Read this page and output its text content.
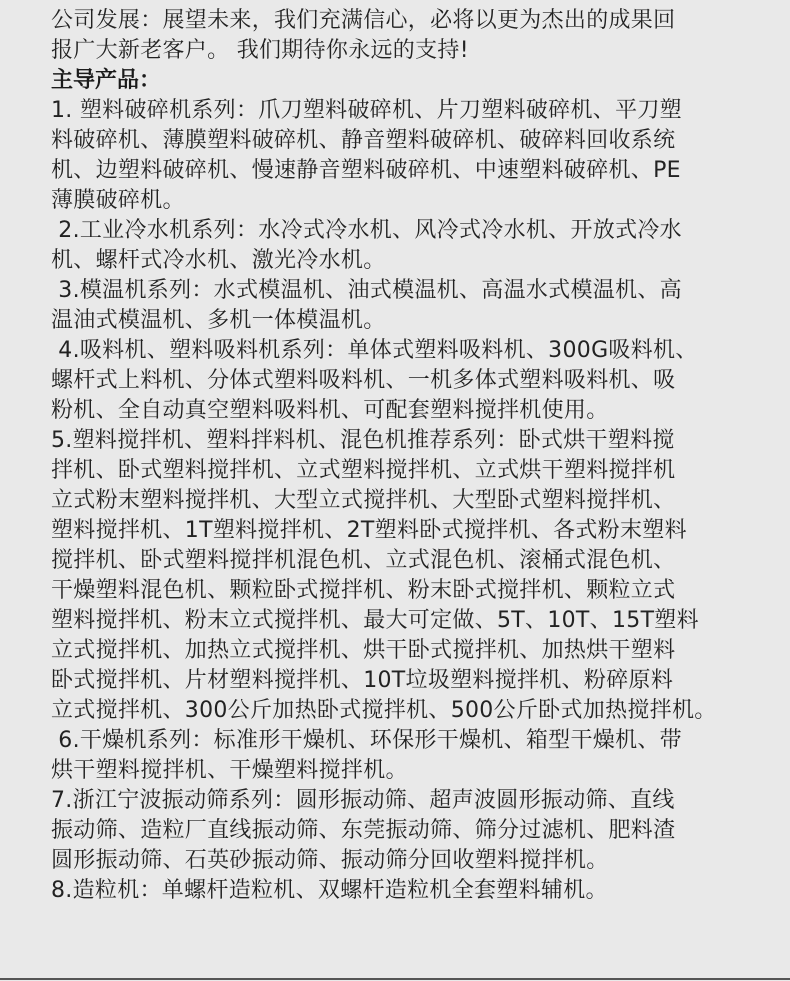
公司发展：展望未来，我们充满信心，必将以更为杰出的成果回

报广大新老客户。 我们期待你永远的支持!

主导产品：

1. 塑料破碎机系列：爪刀塑料破碎机、片刀塑料破碎机、平刀塑

料破碎机、薄膜塑料破碎机、静音塑料破碎机、破碎料回收系统

机、边塑料破碎机、慢速静音塑料破碎机、中速塑料破碎机、PE

薄膜破碎机。

2.工业冷水机系列：水冷式冷水机、风冷式冷水机、开放式冷水

机、螺杆式冷水机、激光冷水机。

3.模温机系列：水式模温机、油式模温机、高温水式模温机、高

温油式模温机、多机一体模温机。

4.吸料机、塑料吸料机系列：单体式塑料吸料机、300G吸料机、

螺杆式上料机、分体式塑料吸料机、一机多体式塑料吸料机、吸

粉机、全自动真空塑料吸料机、可配套塑料搅拌机使用。

5.塑料搅拌机、塑料拌料机、混色机推荐系列：卧式烘干塑料搅

拌机、卧式塑料搅拌机、立式塑料搅拌机、立式烘干塑料搅拌机

立式粉末塑料搅拌机、大型立式搅拌机、大型卧式塑料搅拌机、

塑料搅拌机、1T塑料搅拌机、2T塑料卧式搅拌机、各式粉末塑料

搅拌机、卧式塑料搅拌机混色机、立式混色机、滚桶式混色机、

干燥塑料混色机、颗粒卧式搅拌机、粉末卧式搅拌机、颗粒立式

塑料搅拌机、粉末立式搅拌机、最大可定做、5T、10T、15T塑料

立式搅拌机、加热立式搅拌机、烘干卧式搅拌机、加热烘干塑料

卧式搅拌机、片材塑料搅拌机、10T垃圾塑料搅拌机、粉碎原料

立式搅拌机、300公斤加热卧式搅拌机、500公斤卧式加热搅拌机。

6.干燥机系列：标准形干燥机、环保形干燥机、箱型干燥机、带

烘干塑料搅拌机、干燥塑料搅拌机。

7.浙江宁波振动筛系列：圆形振动筛、超声波圆形振动筛、直线

振动筛、造粒厂直线振动筛、东莞振动筛、筛分过滤机、肥料渣

圆形振动筛、石英砂振动筛、振动筛分回收塑料搅拌机。

8.造粒机：单螺杆造粒机、双螺杆造粒机全套塑料辅机。
